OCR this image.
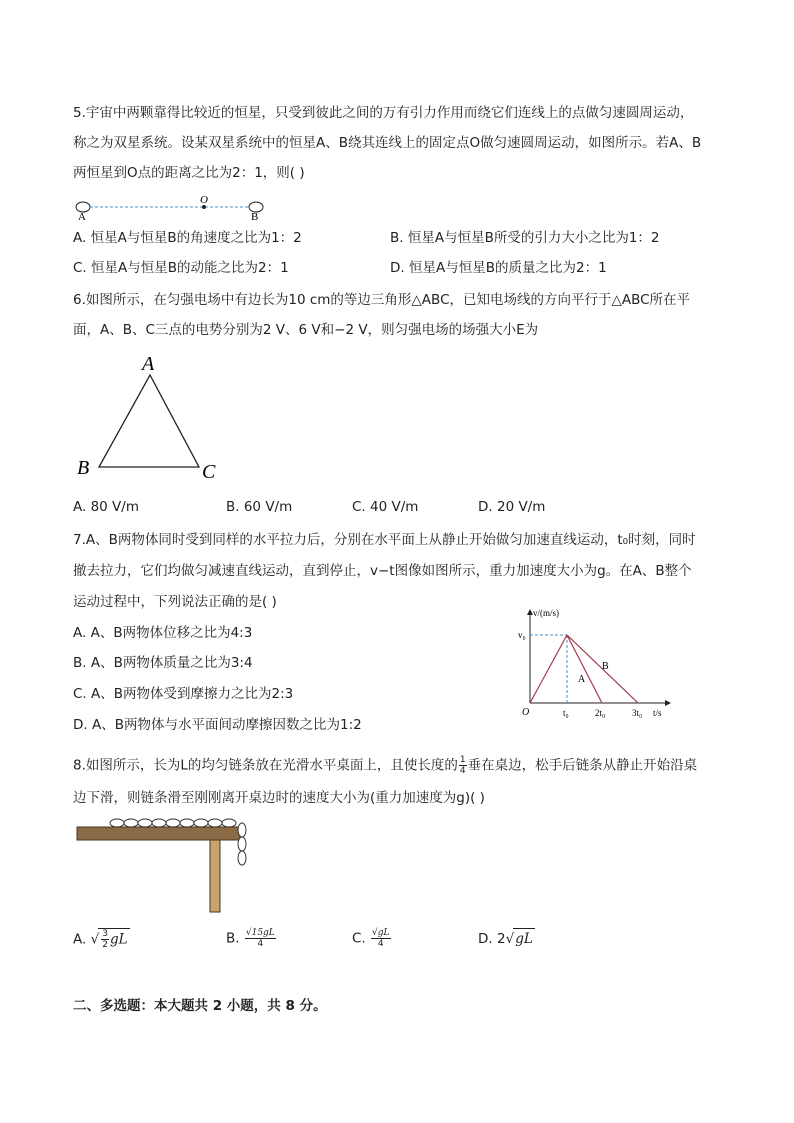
5.宇宙中两颗靠得比较近的恒星，只受到彼此之间的万有引力作用而绕它们连线上的点做匀速圆周运动，
称之为双星系统。设某双星系统中的恒星A、B绕其连线上的固定点O做匀速圆周运动，如图所示。若A、B
两恒星到O点的距离之比为2：1，则( )
A
O
B
A. 恒星A与恒星B的角速度之比为1：2	B. 恒星A与恒星B所受的引力大小之比为1：2
C. 恒星A与恒星B的动能之比为2：1	D. 恒星A与恒星B的质量之比为2：1
6.如图所示，在匀强电场中有边长为10 cm的等边三角形△ABC，已知电场线的方向平行于△ABC所在平
面，A、B、C三点的电势分别为2 V、6 V和−2 V，则匀强电场的场强大小E为
A
B	C
A. 80 V/m	B. 60 V/m	C. 40 V/m	D. 20 V/m
7.A、B两物体同时受到同样的水平拉力后，分别在水平面上从静止开始做匀加速直线运动，t₀时刻，同时
撤去拉力，它们均做匀减速直线运动，直到停止，v−t图像如图所示，重力加速度大小为g。在A、B整个
运动过程中，下列说法正确的是( )
A. A、B两物体位移之比为4:3
B. A、B两物体质量之比为3:4
C. A、B两物体受到摩擦力之比为2:3
D. A、B两物体与水平面间动摩擦因数之比为1:2
v/(m/s)
t/s
v₀
O	t₀	2t₀	3t₀
A
B
8.如图所示，长为L的均匀链条放在光滑水平桌面上，且使长度的 $\frac{1}{4}$ 垂在桌边，松手后链条从静止开始沿桌
边下滑，则链条滑至刚刚离开桌边时的速度大小为(重力加速度为g)( )
A. √ $\frac{3}{2}$ gL	B. $\frac{√15gL}{4}$	C. $\frac{√gL}{4}$	D. 2√gL
二、多选题：本大题共 2 小题，共 8 分。
